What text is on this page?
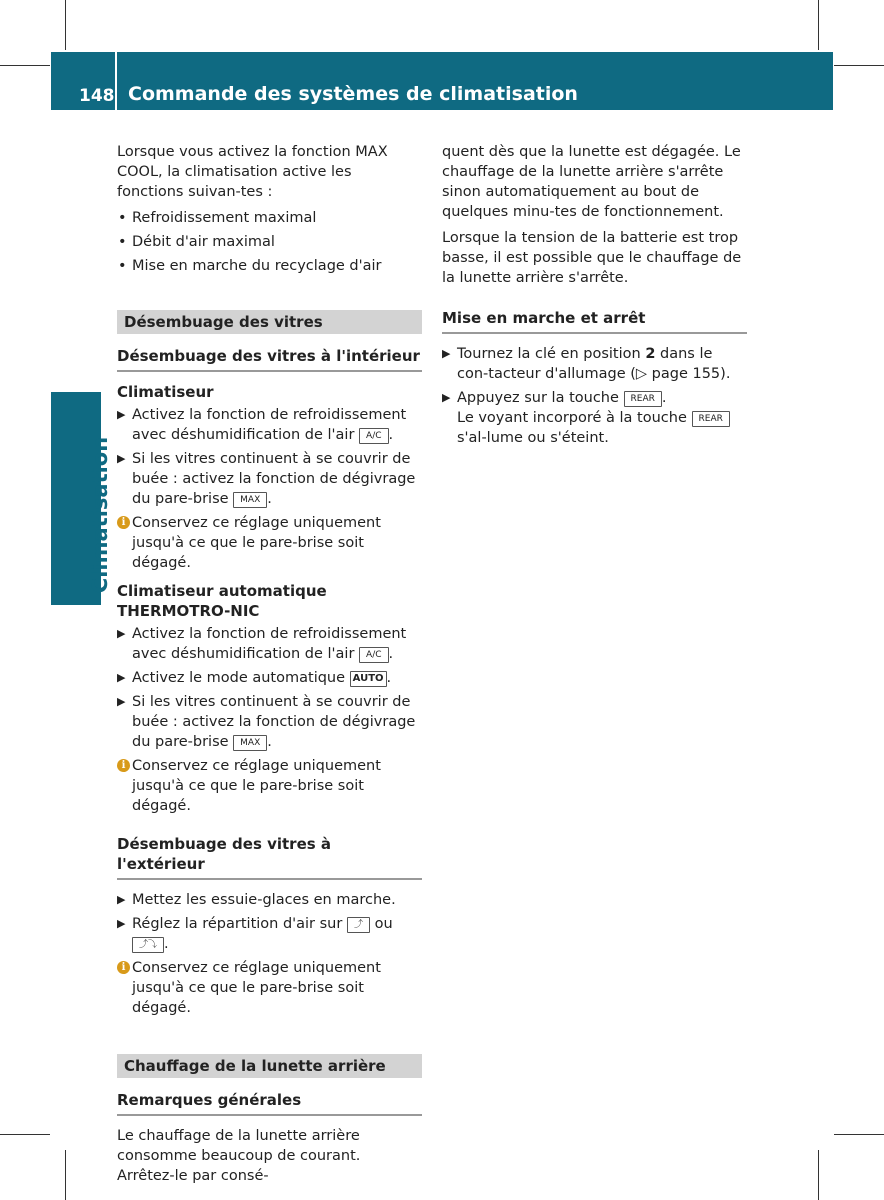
148 Commande des systèmes de climatisation
Climatisation

Lorsque vous activez la fonction MAX COOL, la climatisation active les fonctions suivan-tes :

• Refroidissement maximal
• Débit d'air maximal
• Mise en marche du recyclage d'air
Désembuage des vitres
Désembuage des vitres à l'intérieur
Climatiseur
▶ Activez la fonction de refroidissement avec déshumidification de l'air A/C .
▶ Si les vitres continuent à se couvrir de buée : activez la fonction de dégivrage du pare-brise MAX .
i Conservez ce réglage uniquement jusqu'à ce que le pare-brise soit dégagé.
Climatiseur automatique THERMOTRO-NIC
▶ Activez la fonction de refroidissement avec déshumidification de l'air A/C .
▶ Activez le mode automatique AUTO .
▶ Si les vitres continuent à se couvrir de buée : activez la fonction de dégivrage du pare-brise MAX .
i Conservez ce réglage uniquement jusqu'à ce que le pare-brise soit dégagé.
Désembuage des vitres à l'extérieur
▶ Mettez les essuie-glaces en marche.
▶ Réglez la répartition d'air sur ⤴ ou
⤴⤵ .
i Conservez ce réglage uniquement jusqu'à ce que le pare-brise soit dégagé.
Chauffage de la lunette arrière
Remarques générales

Le chauffage de la lunette arrière consomme beaucoup de courant. Arrêtez-le par consé-

quent dès que la lunette est dégagée. Le chauffage de la lunette arrière s'arrête sinon automatiquement au bout de quelques minu-tes de fonctionnement.

Lorsque la tension de la batterie est trop basse, il est possible que le chauffage de la lunette arrière s'arrête.

Mise en marche et arrêt
▶ Tournez la clé en position 2 dans le con-tacteur d'allumage (▷ page 155).
▶ Appuyez sur la touche REAR .
Le voyant incorporé à la touche REAR s'al-lume ou s'éteint.
